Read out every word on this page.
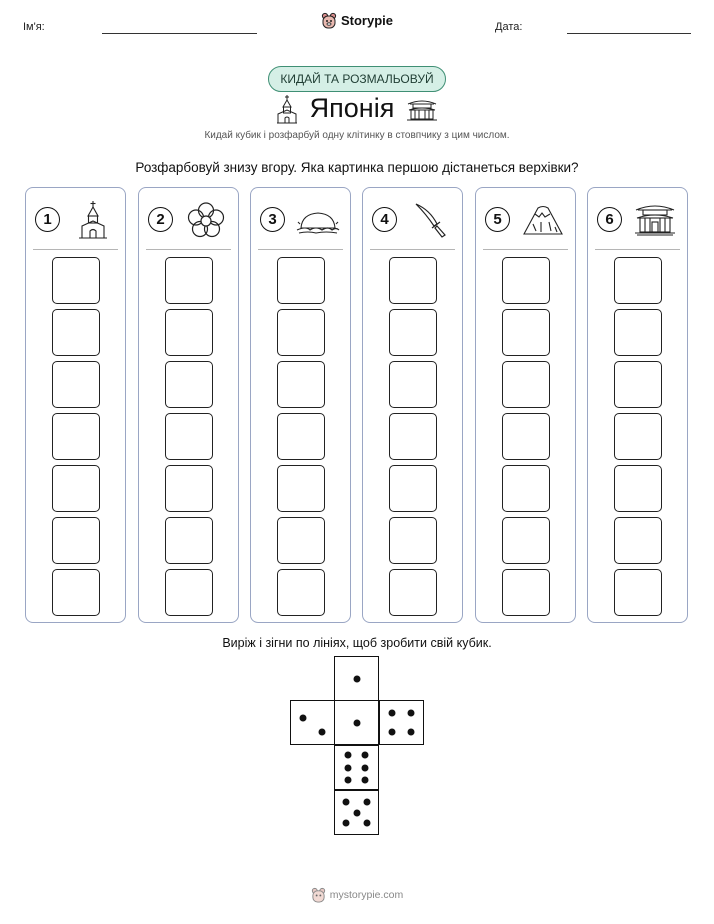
Ім'я:	Storypie	Дата:
КИДАЙ ТА РОЗМАЛЬОВУЙ
Японія
Кидай кубик і розфарбуй одну клітинку в стовпчику з цим числом.
Розфарбовуй знизу вгору. Яка картинка першою дістанеться верхівки?
1	2	3	4	5	6
Виріж і зігни по лініях, щоб зробити свій кубик.
mystorypie.com
